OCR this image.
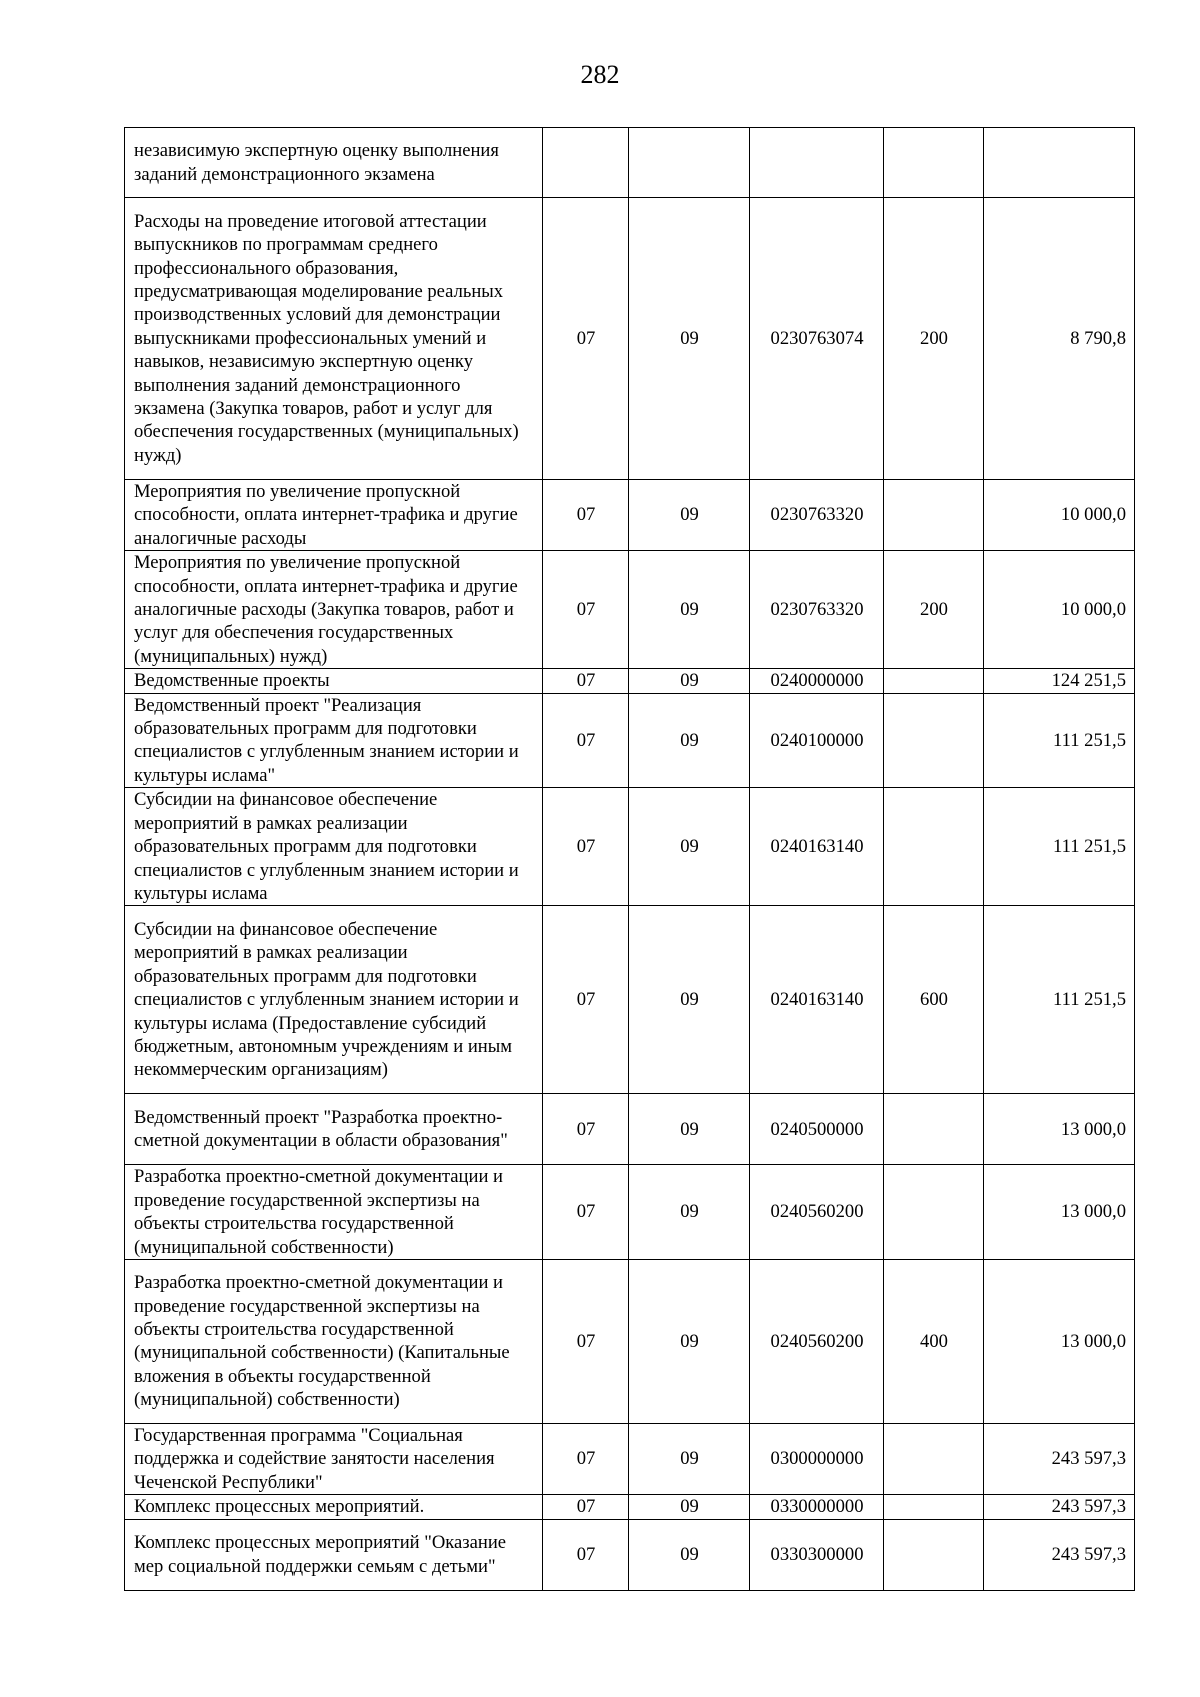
282
независимую экспертную оценку выполнения заданий демонстрационного экзамена					
Расходы на проведение итоговой аттестации выпускников по программам среднего профессионального образования, предусматривающая моделирование реальных производственных условий для демонстрации выпускниками профессиональных умений и навыков, независимую экспертную оценку выполнения заданий демонстрационного экзамена (Закупка товаров, работ и услуг для обеспечения государственных (муниципальных) нужд)	07	09	0230763074	200	8 790,8
Мероприятия по увеличение пропускной способности, оплата интернет-трафика и другие аналогичные расходы	07	09	0230763320		10 000,0
Мероприятия по увеличение пропускной способности, оплата интернет-трафика и другие аналогичные расходы (Закупка товаров, работ и услуг для обеспечения государственных (муниципальных) нужд)	07	09	0230763320	200	10 000,0
Ведомственные проекты	07	09	0240000000		124 251,5
Ведомственный проект "Реализация образовательных программ для подготовки специалистов с углубленным знанием истории и культуры ислама"	07	09	0240100000		111 251,5
Субсидии на финансовое обеспечение мероприятий в рамках реализации образовательных программ для подготовки специалистов с углубленным знанием истории и культуры ислама	07	09	0240163140		111 251,5
Субсидии на финансовое обеспечение мероприятий в рамках реализации образовательных программ для подготовки специалистов с углубленным знанием истории и культуры ислама (Предоставление субсидий бюджетным, автономным учреждениям и иным некоммерческим организациям)	07	09	0240163140	600	111 251,5
Ведомственный проект "Разработка проектно-сметной документации в области образования"	07	09	0240500000		13 000,0
Разработка проектно-сметной документации и проведение государственной экспертизы на объекты строительства государственной (муниципальной собственности)	07	09	0240560200		13 000,0
Разработка проектно-сметной документации и проведение государственной экспертизы на объекты строительства государственной (муниципальной собственности) (Капитальные вложения в объекты государственной (муниципальной) собственности)	07	09	0240560200	400	13 000,0
Государственная программа "Социальная поддержка и содействие занятости населения Чеченской Республики"	07	09	0300000000		243 597,3
Комплекс процессных мероприятий.	07	09	0330000000		243 597,3
Комплекс процессных мероприятий "Оказание мер социальной поддержки семьям с детьми"	07	09	0330300000		243 597,3
